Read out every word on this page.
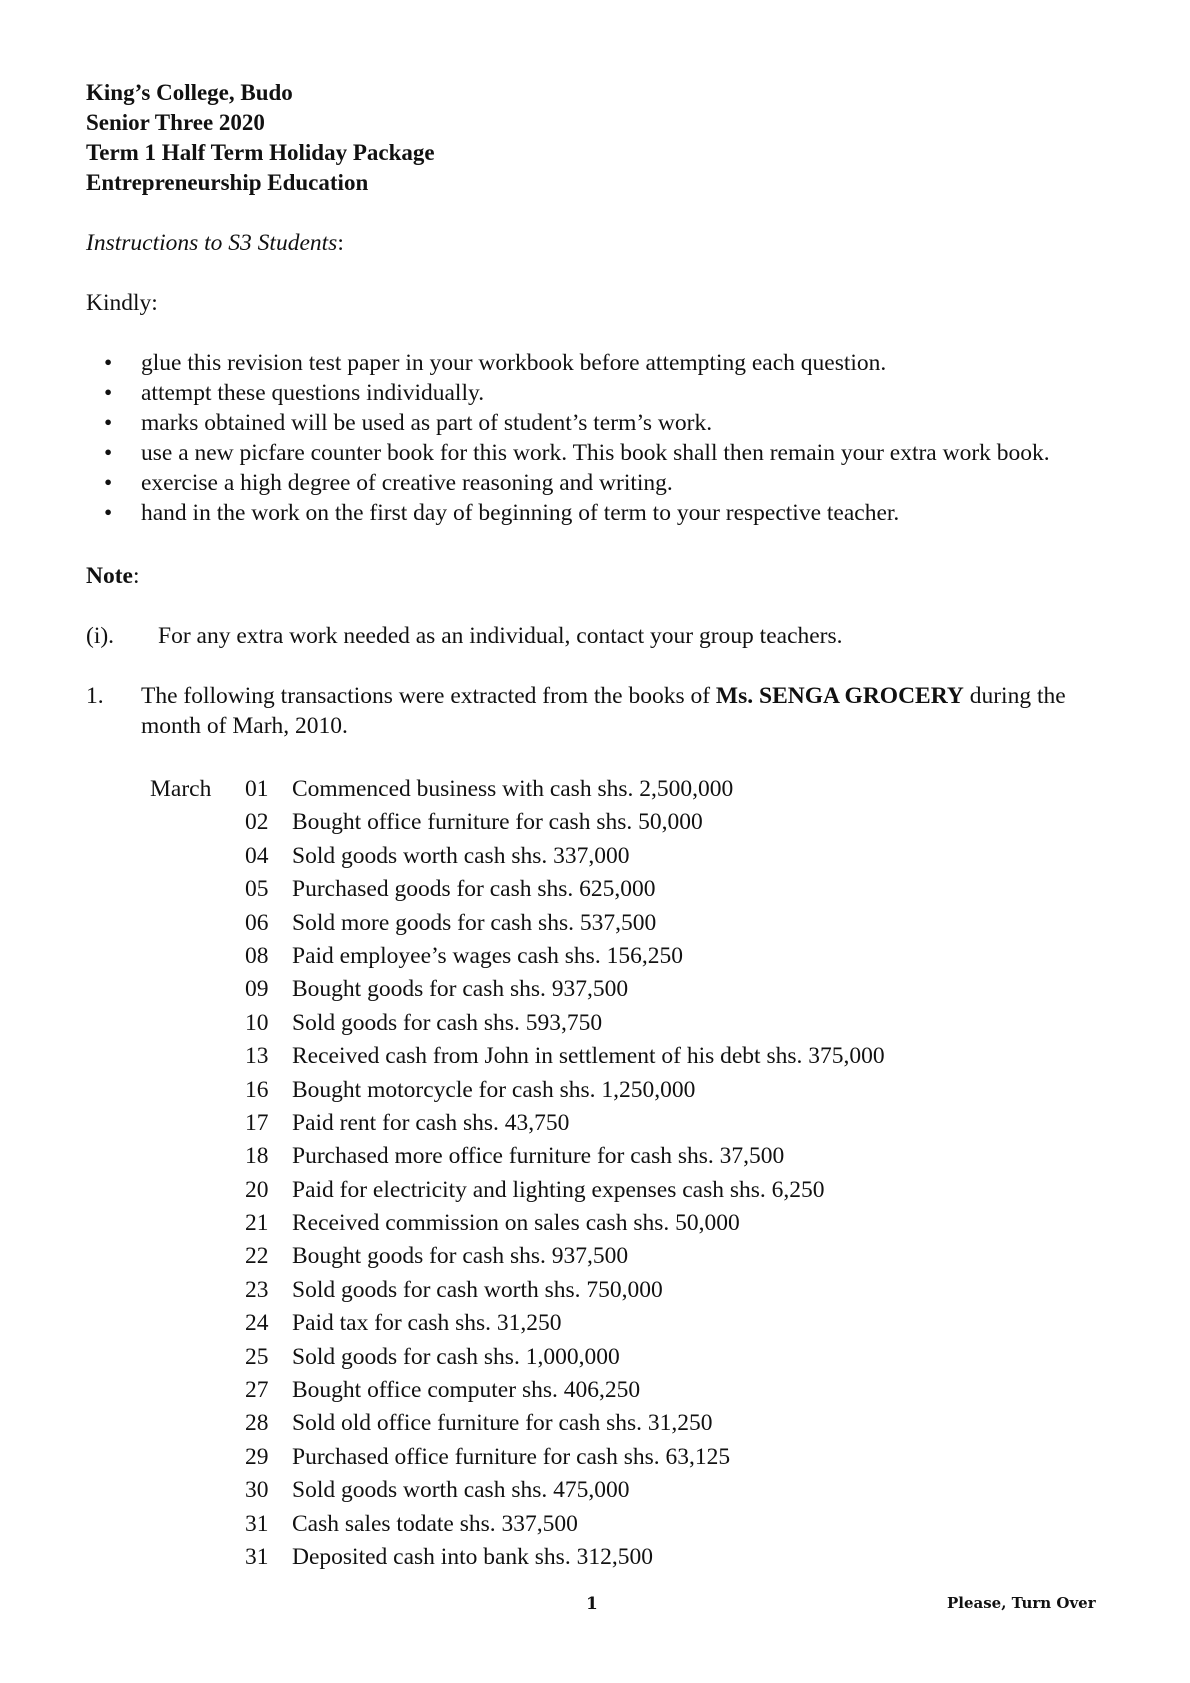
King’s College, Budo
Senior Three 2020
Term 1 Half Term Holiday Package
Entrepreneurship Education
Instructions to S3 Students:
Kindly:
• glue this revision test paper in your workbook before attempting each question.
• attempt these questions individually.
• marks obtained will be used as part of student’s term’s work.
• use a new picfare counter book for this work. This book shall then remain your extra work book.
• exercise a high degree of creative reasoning and writing.
• hand in the work on the first day of beginning of term to your respective teacher.
Note:
(i). For any extra work needed as an individual, contact your group teachers.
1. The following transactions were extracted from the books of Ms. SENGA GROCERY during the month of Marh, 2010.
March	01	Commenced business with cash shs. 2,500,000
02	Bought office furniture for cash shs. 50,000
04	Sold goods worth cash shs. 337,000
05	Purchased goods for cash shs. 625,000
06	Sold more goods for cash shs. 537,500
08	Paid employee’s wages cash shs. 156,250
09	Bought goods for cash shs. 937,500
10	Sold goods for cash shs. 593,750
13	Received cash from John in settlement of his debt shs. 375,000
16	Bought motorcycle for cash shs. 1,250,000
17	Paid rent for cash shs. 43,750
18	Purchased more office furniture for cash shs. 37,500
20	Paid for electricity and lighting expenses cash shs. 6,250
21	Received commission on sales cash shs. 50,000
22	Bought goods for cash shs. 937,500
23	Sold goods for cash worth shs. 750,000
24	Paid tax for cash shs. 31,250
25	Sold goods for cash shs. 1,000,000
27	Bought office computer shs. 406,250
28	Sold old office furniture for cash shs. 31,250
29	Purchased office furniture for cash shs. 63,125
30	Sold goods worth cash shs. 475,000
31	Cash sales todate shs. 337,500
31	Deposited cash into bank shs. 312,500
1	Please, Turn Over
